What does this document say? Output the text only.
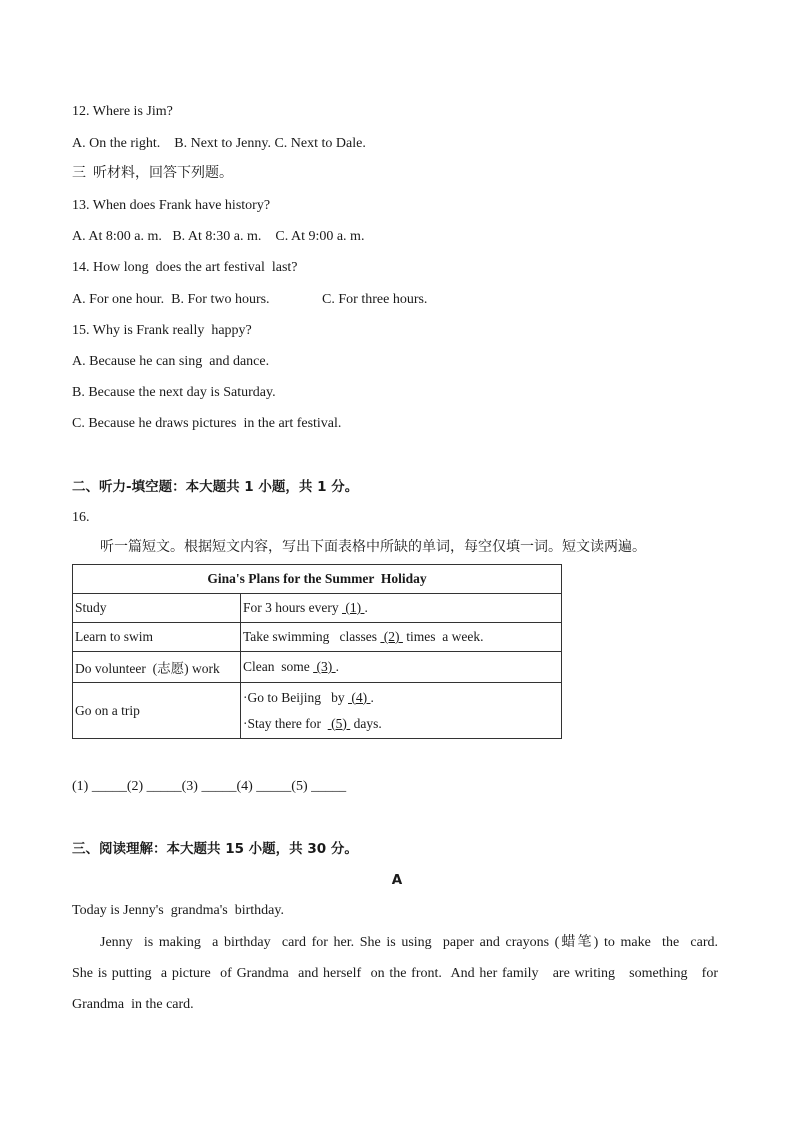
12. Where is Jim?
A. On the right.    B. Next to Jenny. C. Next to Dale.
三  听材料，回答下列题。
13. When does Frank have history?
A. At 8:00 a. m.   B. At 8:30 a. m.    C. At 9:00 a. m.
14. How long  does the art festival  last?
A. For one hour.  B. For two hours.               C. For three hours.
15. Why is Frank really  happy?
A. Because he can sing  and dance.
B. Because the next day is Saturday.
C. Because he draws pictures  in the art festival.
二、听力-填空题：本大题共 1 小题，共 1 分。
16.
听一篇短文。根据短文内容，写出下面表格中所缺的单词，每空仅填一词。短文读两遍。
Gina's Plans for the Summer  Holiday	
Study	For 3 hours every  (1) .
Learn to swim	Take swimming   classes  (2)  times  a week.
Do volunteer  (志愿) work	Clean  some  (3) .
Go on a trip	·Go to Beijing   by  (4) .
·Stay there for   (5)  days.
(1) _____(2) _____(3) _____(4) _____(5) _____
三、阅读理解：本大题共 15 小题，共 30 分。
A
Today is Jenny's  grandma's  birthday.
Jenny  is making  a birthday  card for her. She is using  paper and crayons (蜡笔) to make  the  card.
She is putting  a picture  of Grandma  and herself  on the front.  And her family   are writing   something   for
Grandma  in the card.
